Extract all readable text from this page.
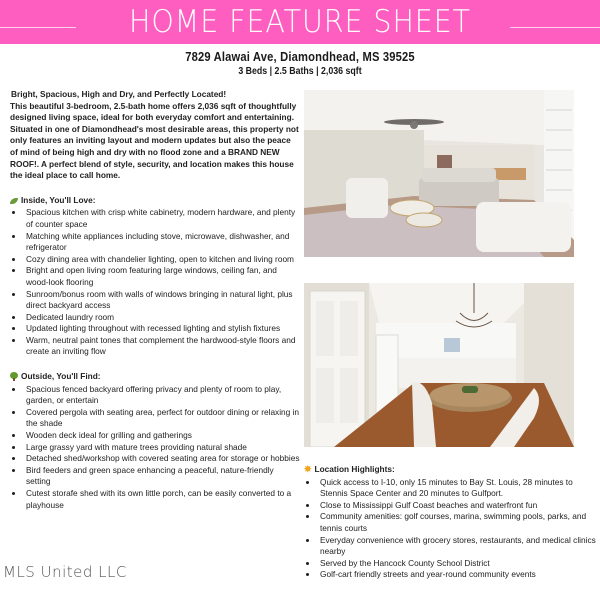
HOME FEATURE SHEET
7829 Alawai Ave, Diamondhead, MS 39525
3 Beds | 2.5 Baths | 2,036 sqft
Bright, Spacious, High and Dry, and Perfectly Located!
This beautiful 3-bedroom, 2.5-bath home offers 2,036 sqft of thoughtfully designed living space, ideal for both everyday comfort and entertaining. Situated in one of Diamondhead's most desirable areas, this property not only features an inviting layout and modern updates but also the peace of mind of being high and dry with no flood zone and a BRAND NEW ROOF!. A perfect blend of style, security, and location makes this house the ideal place to call home.
Inside, You'll Love:
• Spacious kitchen with crisp white cabinetry, modern hardware, and plenty of counter space
• Matching white appliances including stove, microwave, dishwasher, and refrigerator
• Cozy dining area with chandelier lighting, open to kitchen and living room
• Bright and open living room featuring large windows, ceiling fan, and wood-look flooring
• Sunroom/bonus room with walls of windows bringing in natural light, plus direct backyard access
• Dedicated laundry room
• Updated lighting throughout with recessed lighting and stylish fixtures
• Warm, neutral paint tones that complement the hardwood-style floors and create an inviting flow
Outside, You'll Find:
• Spacious fenced backyard offering privacy and plenty of room to play, garden, or entertain
• Covered pergola with seating area, perfect for outdoor dining or relaxing in the shade
• Wooden deck ideal for grilling and gatherings
• Large grassy yard with mature trees providing natural shade
• Detached shed/workshop with covered seating area for storage or hobbies
• Bird feeders and green space enhancing a peaceful, nature-friendly setting
• Cutest storafe shed with its own little porch, can be easily converted to a playhouse
✸ Location Highlights:
• Quick access to I-10, only 15 minutes to Bay St. Louis, 28 minutes to Stennis Space Center and 20 minutes to Gulfport.
• Close to Mississippi Gulf Coast beaches and waterfront fun
• Community amenities: golf courses, marina, swimming pools, parks, and tennis courts
• Everyday convenience with grocery stores, restaurants, and medical clinics nearby
• Served by the Hancock County School District
• Golf-cart friendly streets and year-round community events
MLS United LLC
